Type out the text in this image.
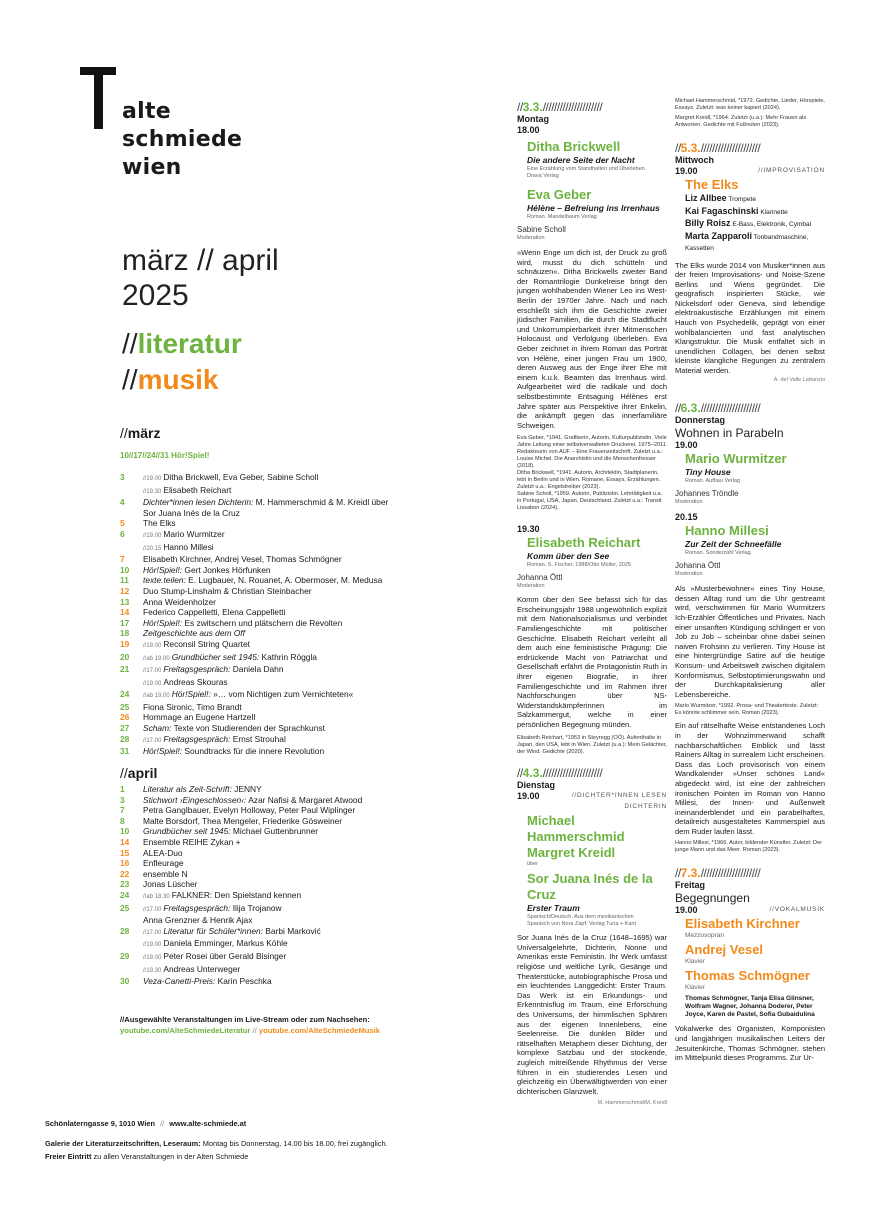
alte
schmiede
wien
märz // april
2025
//literatur
//musik
//märz
10//17//24//31 Hör!Spiel!
3	//19.00 Ditha Brickwell, Eva Geber, Sabine Scholl
//19.30 Elisabeth Reichart
4	Dichter*innen lesen Dichterin: M. Hammerschmid & M. Kreidl über
Sor Juana Inés de la Cruz
5	The Elks
6	//19.00 Mario Wurmitzer
//20.15 Hanno Millesi
7	Elisabeth Kirchner, Andrej Vesel, Thomas Schmögner
10	Hör!Spiel!: Gert Jonkes Hörfunken
11	texte.teilen: E. Lugbauer, N. Rouanet, A. Obermoser, M. Medusa
12	Duo Stump-Linshalm & Christian Steinbacher
13	Anna Weidenholzer
14	Federico Cappelletti, Elena Cappelletti
17	Hör!Spiel!: Es zwitschern und plätschern die Revolten
18	Zeitgeschichte aus dem Off
19	//19.00 Reconsil String Quartet
20	//ab 19.00 Grundbücher seit 1945: Kathrin Röggla
21	//17.00 Freitagsgespräch: Daniela Dahn
//19.00 Andreas Skouras
24	//ab 19.00 Hör!Spiel!: »… vom Nichtigen zum Vernichteten«
25	Fiona Sironic, Timo Brandt
26	Hommage an Eugene Hartzell
27	Scham: Texte von Studierenden der Sprachkunst
28	//17.00 Freitagsgespräch: Ernst Strouhal
31	Hör!Spiel!: Soundtracks für die innere Revolution
//april
1	Literatur als Zeit-Schrift: JENNY
3	Stichwort ›Eingeschlossen‹: Azar Nafisi & Margaret Atwood
7	Petra Ganglbauer, Evelyn Holloway, Peter Paul Wiplinger
8	Malte Borsdorf, Thea Mengeler, Friederike Gösweiner
10	Grundbücher seit 1945: Michael Guttenbrunner
14	Ensemble REIHE Zykan +
15	ALEA-Duo
16	Enfleurage
22	ensemble N
23	Jonas Lüscher
24	//ab 18.30 FALKNER: Den Spielstand kennen
25	//17.00 Freitagsgespräch: Ilija Trojanow
Anna Grenzner & Henrik Ajax
28	//17.00 Literatur für Schüler*innen: Barbi Marković
//19.00 Daniela Emminger, Markus Köhle
29	//19.00 Peter Rosei über Gerald Bisinger
//19.30 Andreas Unterweger
30	Veza-Canetti-Preis: Karin Peschka
//Ausgewählte Veranstaltungen im Live-Stream oder zum Nachsehen:
youtube.com/AlteSchmiedeLiteratur // youtube.com/AlteSchmiedeMusik
Schönlaterngasse 9, 1010 Wien // www.alte-schmiede.at
Galerie der Literaturzeitschriften, Leseraum: Montag bis Donnerstag, 14.00 bis 18.00, frei zugänglich.
Freier Eintritt zu allen Veranstaltungen in der Alten Schmiede
//3.3./////////////////////
Montag
18.00
Ditha Brickwell
Die andere Seite der Nacht
Eine Erzählung vom Standhalten und Überleben.
Drava Verlag
Eva Geber
Hélène – Befreiung ins Irrenhaus
Roman. Mandelbaum Verlag
Sabine Scholl
Moderation
»Wenn Enge um dich ist, der Druck zu groß wird, musst du dich schütteln und schnäuzen«. Ditha Brickwells zweiter Band der Romantrilogie Dunkelreise bringt den jungen wohlhabenden Wiener Leo ins West-Berlin der 1970er Jahre. Nach und nach erschließt sich ihm die Geschichte zweier jüdischer Familien, die durch die Stadtflucht und Unkorrumpierbarkeit ihrer Mitmenschen Holocaust und Verfolgung überleben. Eva Geber zeichnet in ihrem Roman das Porträt von Hélène, einer jungen Frau um 1900, deren Ausweg aus der Enge ihrer Ehe mit einem k.u.k. Beamten das Irrenhaus wird. Aufgearbeitet wird die radikale und doch selbstbestimmte Entsagung Hélènes erst Jahre später aus Perspektive ihrer Enkelin, die ankämpft gegen das innerfamiliäre Schweigen.
Eva Geber, *1941. Grafikerin, Autorin, Kulturpublizistin. Viele Jahre Leitung einer selbstverwalteten Druckerei, 1975–2011 Redakteurin von AUF – Eine Frauenzeitschrift. Zuletzt u.a.: Louise Michel. Die Anarchistin und die Menschenfresser (2018).
Ditha Brickwell, *1941. Autorin, Architektin, Stadtplanerin, lebt in Berlin und in Wien. Romane, Essays, Erzählungen. Zuletzt u.a.: Engelstreiber (2023).
Sabine Scholl, *1959. Autorin, Publizistin. Lehrtätigkeit u.a. in Portugal, USA, Japan, Deutschland. Zuletzt u.a.: Transit Lissabon (2024).
19.30
Elisabeth Reichart
Komm über den See
Roman. S. Fischer, 1988/Otto Müller, 2025
Johanna Öttl
Moderation
Komm über den See befasst sich für das Erscheinungsjahr 1988 ungewöhnlich explizit mit dem Nationalsozialismus und verbindet Familiengeschichte mit politischer Geschichte. Elisabeth Reichart verleiht all dem auch eine feministische Prägung: Die erdrückende Macht von Patriarchat und Gesellschaft erfährt die Protagonistin Ruth in ihrer eigenen Biografie, in ihrer Familiengeschichte und im Rahmen ihrer Nachforschungen über NS-Widerstandskämpferinnen im Salzkammergut, welche in einer persönlichen Begegnung münden.
Elisabeth Reichart, *1953 in Steyregg (OÖ). Aufenthalte in Japan, den USA, lebt in Wien. Zuletzt (u.a.): Mein Gelächter, der Wind. Gedichte (2020).
//4.3./////////////////////
Dienstag
19.00	//DICHTER*INNEN LESEN
DICHTERIN
Michael Hammerschmid
Margret Kreidl
über
Sor Juana Inés de la Cruz
Erster Traum
Spanisch/Deutsch. Aus dem mexikanischen
Spanisch von Nora Zapf. Verlag Turia + Kant
Sor Juana Inés de la Cruz (1648–1695) war Universalgelehrte, Dichterin, Nonne und Amerikas erste Feministin. Ihr Werk umfasst religiöse und weltliche Lyrik, Gesänge und Theaterstücke, autobiographische Prosa und ein leuchtendes Langgedicht: Erster Traum. Das Werk ist ein Erkundungs- und Erkenntnisflug im Traum, eine Erforschung des Universums, der himmlischen Sphären aus der eigenen Innenlebens, eine Seelenreise. Die dunklen Bilder und rätselhaften Metaphern dieser Dichtung, der komplexe Satzbau und der stockende, zugleich mitreißende Rhythmus der Verse führen in ein studierendes Lesen und gleichzeitig ein Überwältigtwerden von einer dichterischen Glanzwelt.
M. Hammerschmid/M. Kreidl
Michael Hammerschmid, *1972. Gedichte, Lieder, Hörspiele, Essays. Zuletzt: was keiner kapiert (2024).
Margret Kreidl, *1964. Zuletzt (u.a.): Mehr Frauen als Antworten. Gedichte mit Fußnoten (2023).
//5.3./////////////////////
Mittwoch
19.00	//IMPROVISATION
The Elks
Liz Allbee Trompete
Kai Fagaschinski Klarinette
Billy Roisz E-Bass, Elektronik, Cymbal
Marta Zapparoli Tonbandmaschine, Kassetten
The Elks wurde 2014 von Musiker*innen aus der freien Improvisations- und Noise-Szene Berlins und Wiens gegründet. Die geografisch inspirierten Stücke, wie Nickelsdorf oder Geneva, sind lebendige elektroakustische Erzählungen mit einem Hauch von Psychedelik, geprägt von einer wohlbalancierten und fast analytischen Klangstruktur. Die Musik entfaltet sich in unendlichen Collagen, bei denen selbst kleinste klangliche Regungen zu zentralem Material werden.
A. del Valle Lattanzio
//6.3./////////////////////
Donnerstag
Wohnen in Parabeln
19.00
Mario Wurmitzer
Tiny House
Roman. Aufbau Verlag
Johannes Tröndle
Moderation
20.15
Hanno Millesi
Zur Zeit der Schneefälle
Roman. Sonderzahl Verlag
Johanna Öttl
Moderation
Als »Musterbewohner« eines Tiny House, dessen Alltag rund um die Uhr gestreamt wird, verschwimmen für Mario Wurmitzers Ich-Erzähler Öffentliches und Privates. Nach einer unsanften Kündigung schlingert er von Job zu Job – scheinbar ohne dabei seinen naiven Frohsinn zu verlieren. Tiny House ist eine hintergründige Satire auf die heutige Konsum- und Arbeitswelt zwischen digitalem Konformismus, Selbstoptimierungswahn und der Durchkapitalisierung aller Lebensbereiche.
Mario Wurmitzer, *1992. Prosa- und Theatertexte. Zuletzt: Es könnte schlimmer sein. Roman (2023).
Ein auf rätselhafte Weise entstandenes Loch in der Wohnzimmerwand schafft nachbarschaftlichen Einblick und lässt Rainers Alltag in surrealem Licht erscheinen. Dass das Loch provisorisch von einem Wandkalender »Unser schönes Land« abgedeckt wird, ist eine der zahlreichen ironischen Pointen im Roman von Hanno Millesi, der Innen- und Außenwelt ineinanderblendet und ein parabelhaftes, detailreich ausgestaltetes Kammerspiel aus dem Ruder laufen lässt.
Hanno Millesi, *1966. Autor, bildender Künstler. Zuletzt: Der junge Mann und das Meer. Roman (2023).
//7.3./////////////////////
Freitag
Begegnungen
19.00	//VOKALMUSIK
Elisabeth Kirchner
Mezzosopran
Andrej Vesel
Klavier
Thomas Schmögner
Klavier
Thomas Schmögner, Tanja Elisa Glinsner, Wolfram Wagner, Johanna Doderer, Peter Joyce, Karen de Pastel, Sofia Gubaidulina
Vokalwerke des Organisten, Komponisten und langjährigen musikalischen Leiters der Jesuitenkirche, Thomas Schmögner, stehen im Mittelpunkt dieses Programms. Zur Ur-
